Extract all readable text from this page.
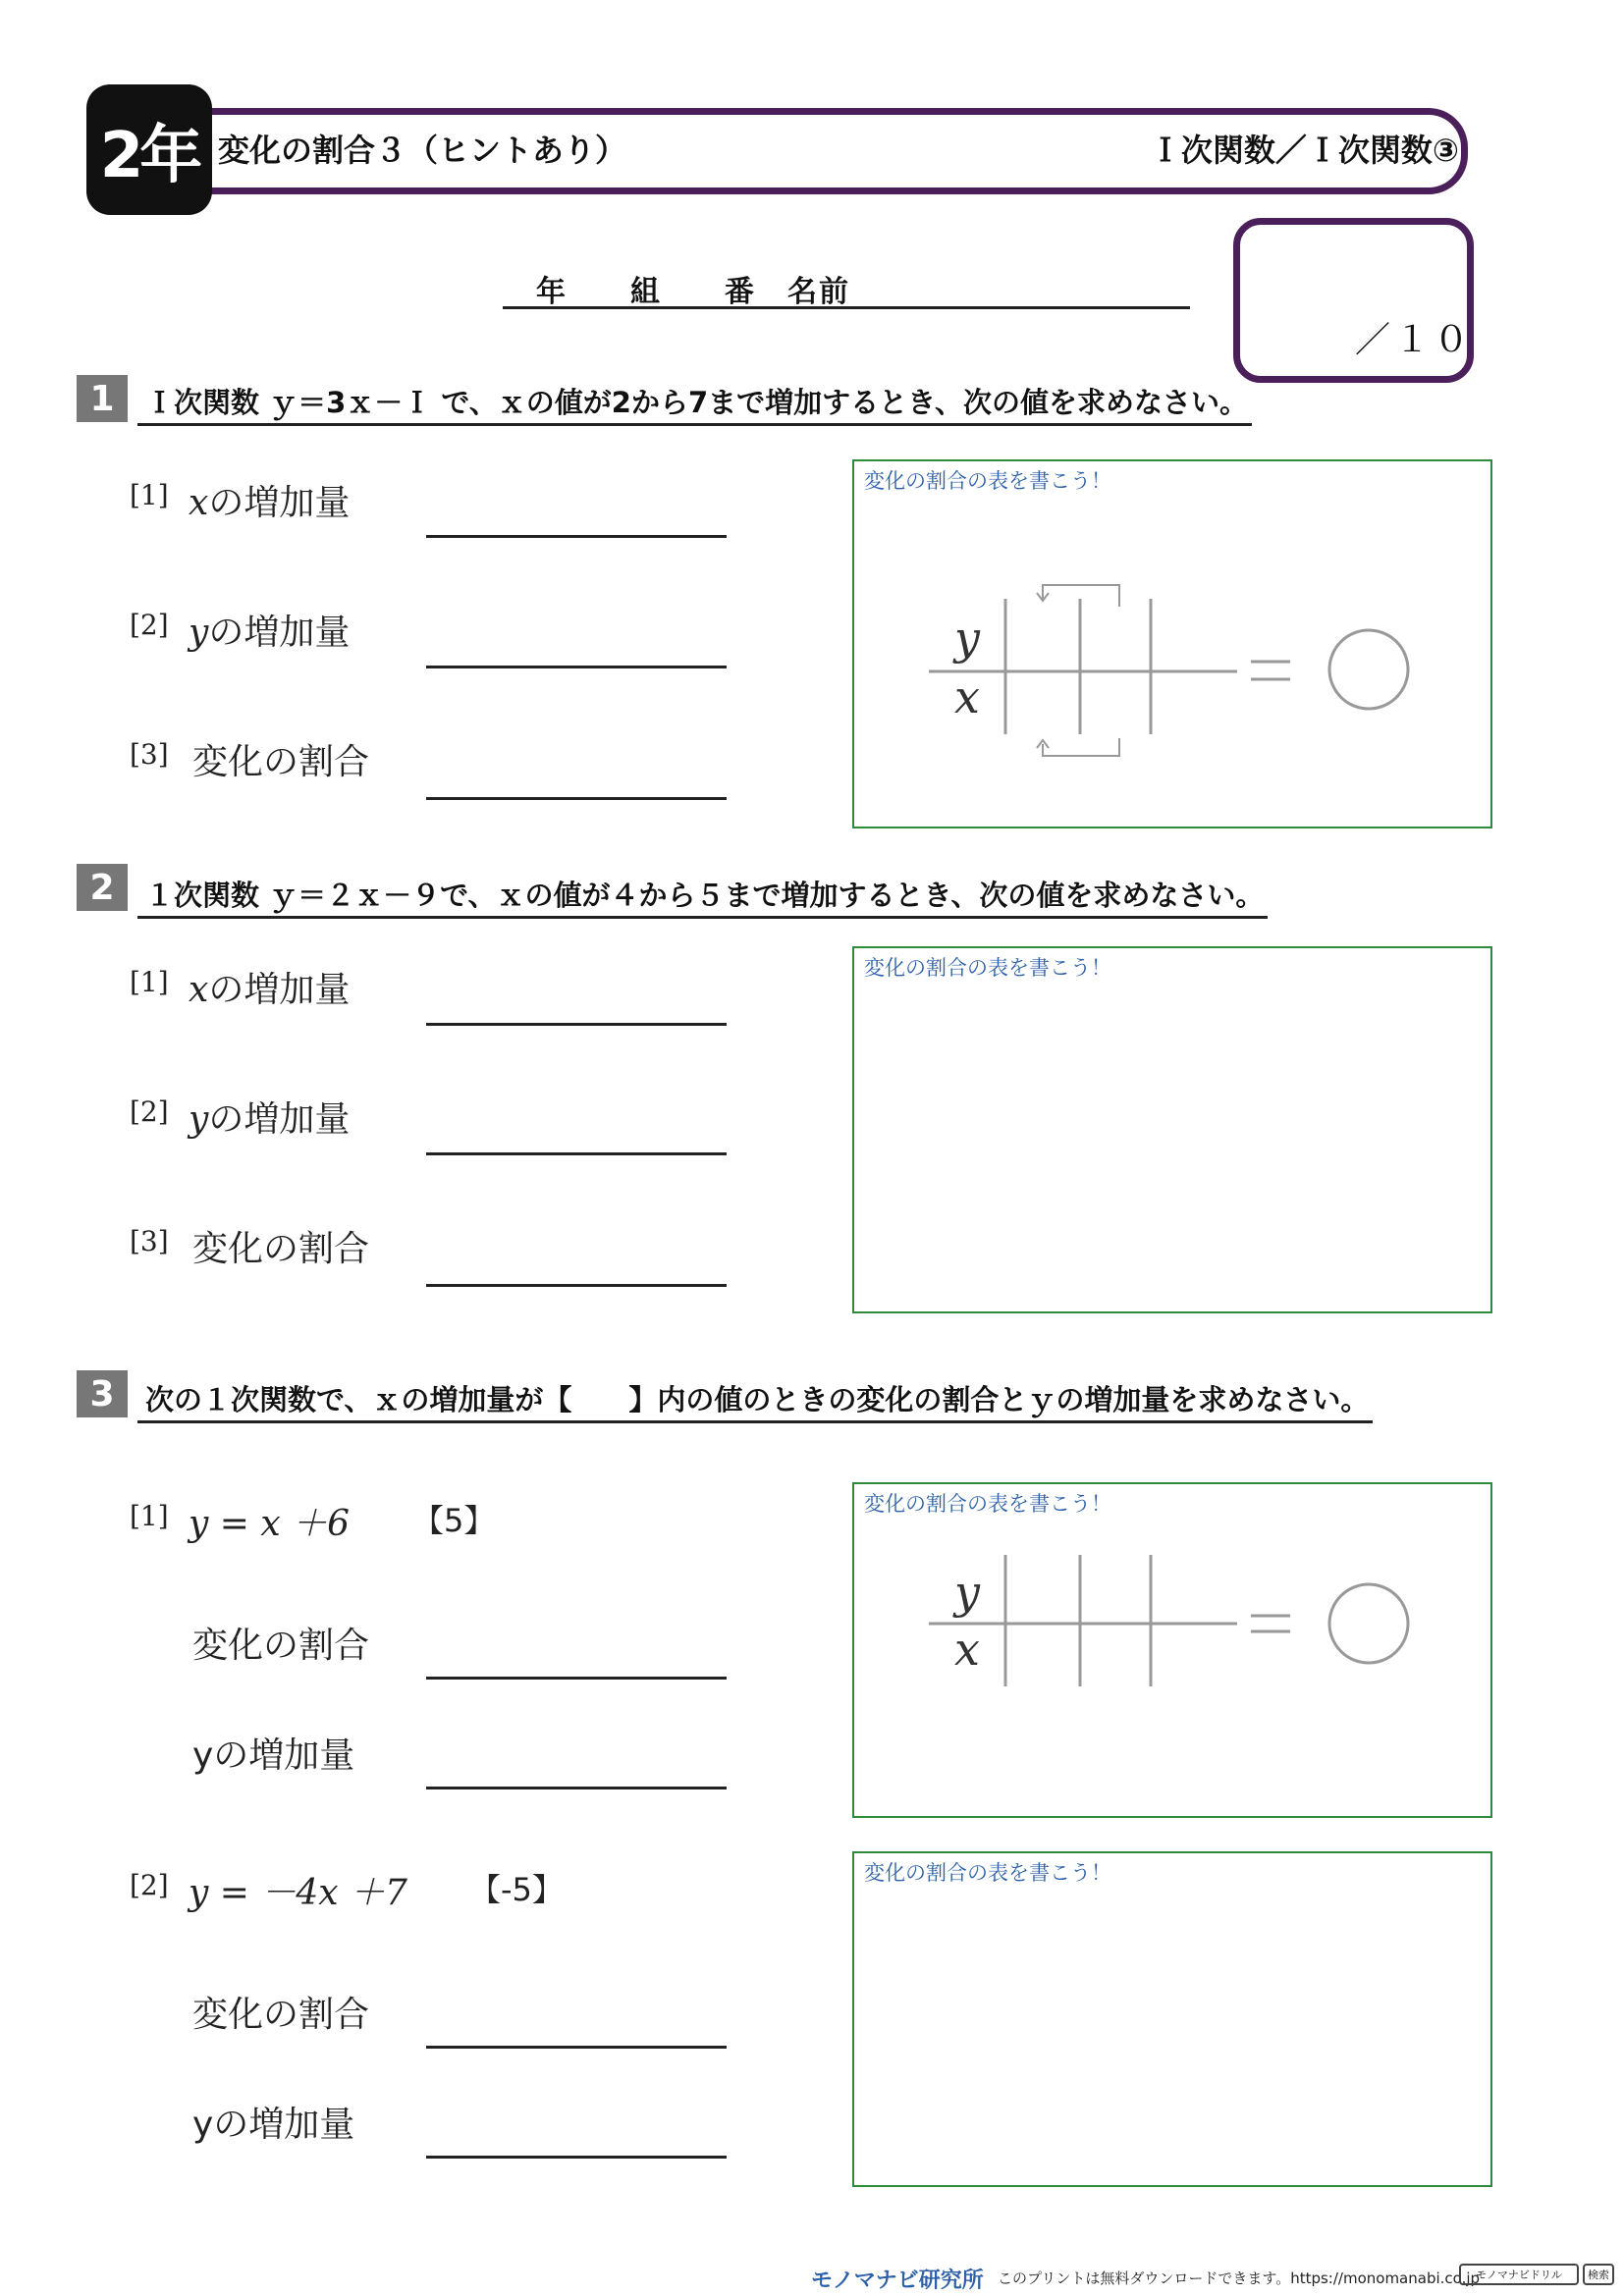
2年 変化の割合３（ヒントあり）	Ｉ次関数／Ｉ次関数③
年　　組　　番　名前
／１０
1	Ｉ次関数 ｙ＝3ｘ－Ｉ で、ｘの値が2から7まで増加するとき、次の値を求めなさい。
[1] xの増加量
[2] yの増加量
[3] 変化の割合
変化の割合の表を書こう！
y
x
2	１次関数 ｙ＝２ｘ－９で、ｘの値が４から５まで増加するとき、次の値を求めなさい。
[1] xの増加量
[2] yの増加量
[3] 変化の割合
変化の割合の表を書こう！
3	次の１次関数で、ｘの増加量が【　　】内の値のときの変化の割合とｙの増加量を求めなさい。
[1] y = x ＋6 【5】
変化の割合
yの増加量
変化の割合の表を書こう！
y
x
[2] y = －4x ＋7 【-5】
変化の割合
yの増加量
変化の割合の表を書こう！
モノマナビ研究所 このプリントは無料ダウンロードできます。https://monomanabi.co.jp
モノマナビドリル	検索
